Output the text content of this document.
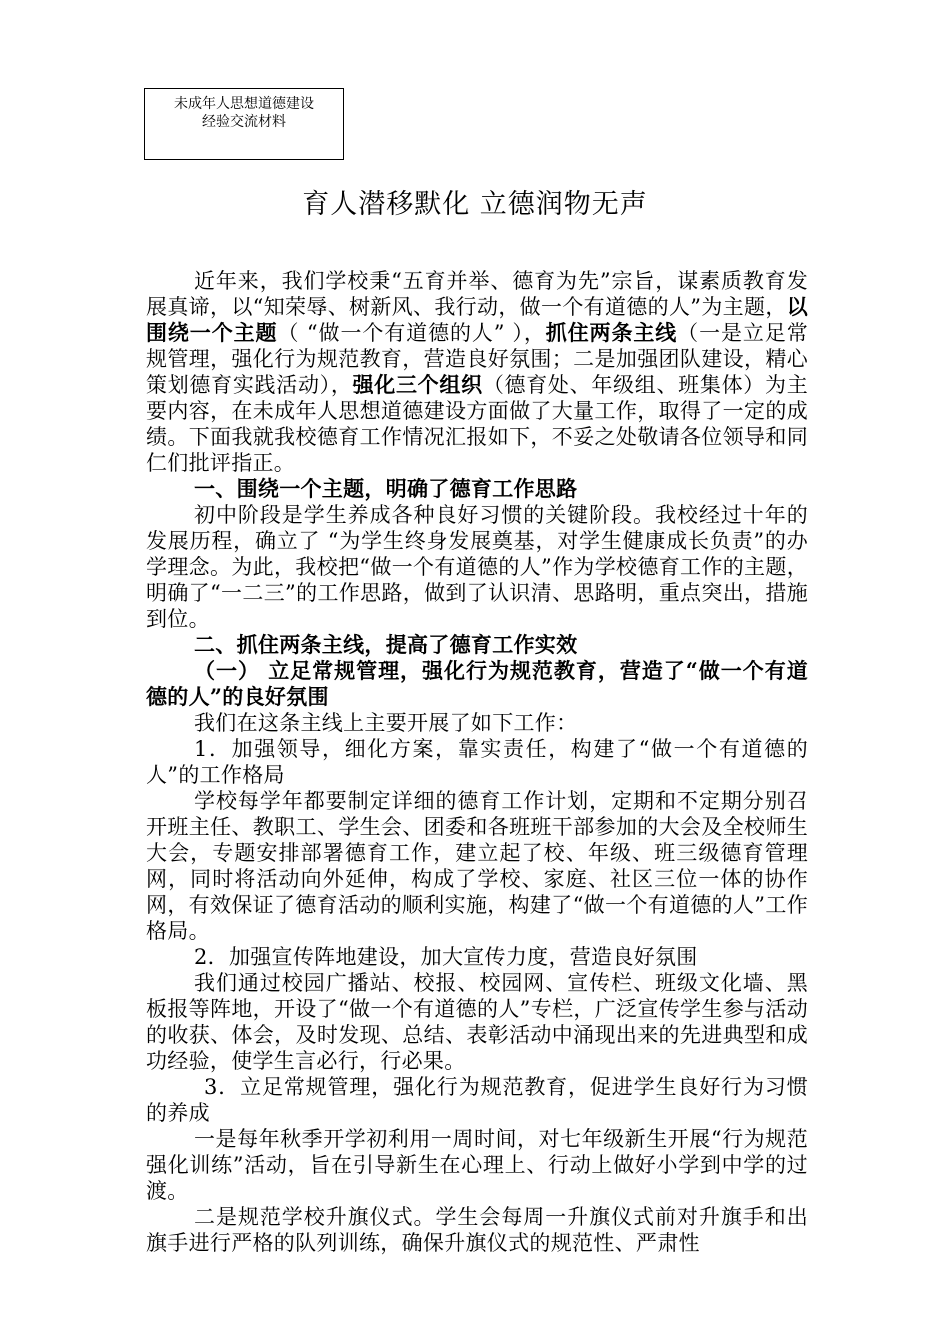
未成年人思想道德建设
经验交流材料
育人潜移默化 立德润物无声

近年来，我们学校秉“五育并举、德育为先”宗旨，谋素质教育发展真谛，以“知荣辱、树新风、我行动，做一个有道德的人”为主题，以围绕一个主题（ “做一个有道德的人” ），抓住两条主线（一是立足常规管理，强化行为规范教育，营造良好氛围；二是加强团队建设，精心策划德育实践活动），强化三个组织（德育处、年级组、班集体）为主要内容，在未成年人思想道德建设方面做了大量工作，取得了一定的成绩。下面我就我校德育工作情况汇报如下，不妥之处敬请各位领导和同仁们批评指正。

一、围绕一个主题，明确了德育工作思路

初中阶段是学生养成各种良好习惯的关键阶段。我校经过十年的发展历程，确立了 “为学生终身发展奠基，对学生健康成长负责”的办学理念。为此，我校把“做一个有道德的人”作为学校德育工作的主题，明确了“一二三”的工作思路，做到了认识清、思路明，重点突出，措施到位。

二、抓住两条主线，提高了德育工作实效

（一） 立足常规管理，强化行为规范教育，营造了“做一个有道德的人”的良好氛围

我们在这条主线上主要开展了如下工作：

1．加强领导，细化方案，靠实责任，构建了“做一个有道德的人”的工作格局

学校每学年都要制定详细的德育工作计划，定期和不定期分别召开班主任、教职工、学生会、团委和各班班干部参加的大会及全校师生大会，专题安排部署德育工作，建立起了校、年级、班三级德育管理网，同时将活动向外延伸，构成了学校、家庭、社区三位一体的协作网，有效保证了德育活动的顺利实施，构建了“做一个有道德的人”工作格局。

2．加强宣传阵地建设，加大宣传力度，营造良好氛围

我们通过校园广播站、校报、校园网、宣传栏、班级文化墙、黑板报等阵地，开设了“做一个有道德的人”专栏，广泛宣传学生参与活动的收获、体会，及时发现、总结、表彰活动中涌现出来的先进典型和成功经验，使学生言必行，行必果。

3．立足常规管理，强化行为规范教育，促进学生良好行为习惯的养成

一是每年秋季开学初利用一周时间，对七年级新生开展“行为规范强化训练”活动，旨在引导新生在心理上、行动上做好小学到中学的过渡。

二是规范学校升旗仪式。学生会每周一升旗仪式前对升旗手和出旗手进行严格的队列训练，确保升旗仪式的规范性、严肃性
